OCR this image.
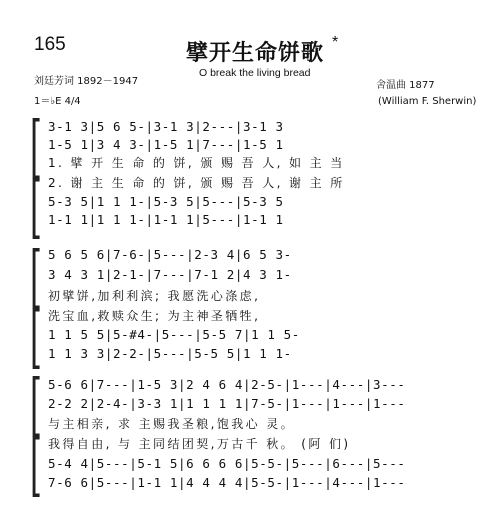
165	擘开生命饼歌 *
O break the living bread
刘廷芳词 1892－1947	舍温曲 1877
1＝♭E 4/4	(William F. Sherwin)
[
[
3-1 3|5 6 5-|3-1 3|2---|3-1 3
1-5 1|3 4 3-|1-5 1|7---|1-5 1
1. 擘 开 生 命 的 饼, 颁 赐 吾 人, 如 主 当
2. 谢 主 生 命 的 饼, 颁 赐 吾 人, 谢 主 所
5-3 5|1 1 1-|5-3 5|5---|5-3 5
1-1 1|1 1 1-|1-1 1|5---|1-1 1
[
[
5 6 5 6|7-6-|5---|2-3 4|6 5 3-
3 4 3 1|2-1-|7---|7-1 2|4 3 1-
初擘饼,加利利滨; 我愿洗心涤虑,
洗宝血,救赎众生; 为主神圣牺牲,
1 1 5 5|5-#4-|5---|5-5 7|1 1 5-
1 1 3 3|2-2-|5---|5-5 5|1 1 1-
[
[
5-6 6|7---|1-5 3|2 4 6 4|2-5-|1---|4---|3---
2-2 2|2-4-|3-3 1|1 1 1 1|7-5-|1---|1---|1---
与主相亲, 求 主赐我圣粮,饱我心 灵。
我得自由, 与 主同结团契,万古千 秋。 (阿 们)
5-4 4|5---|5-1 5|6 6 6 6|5-5-|5---|6---|5---
7-6 6|5---|1-1 1|4 4 4 4|5-5-|1---|4---|1---
